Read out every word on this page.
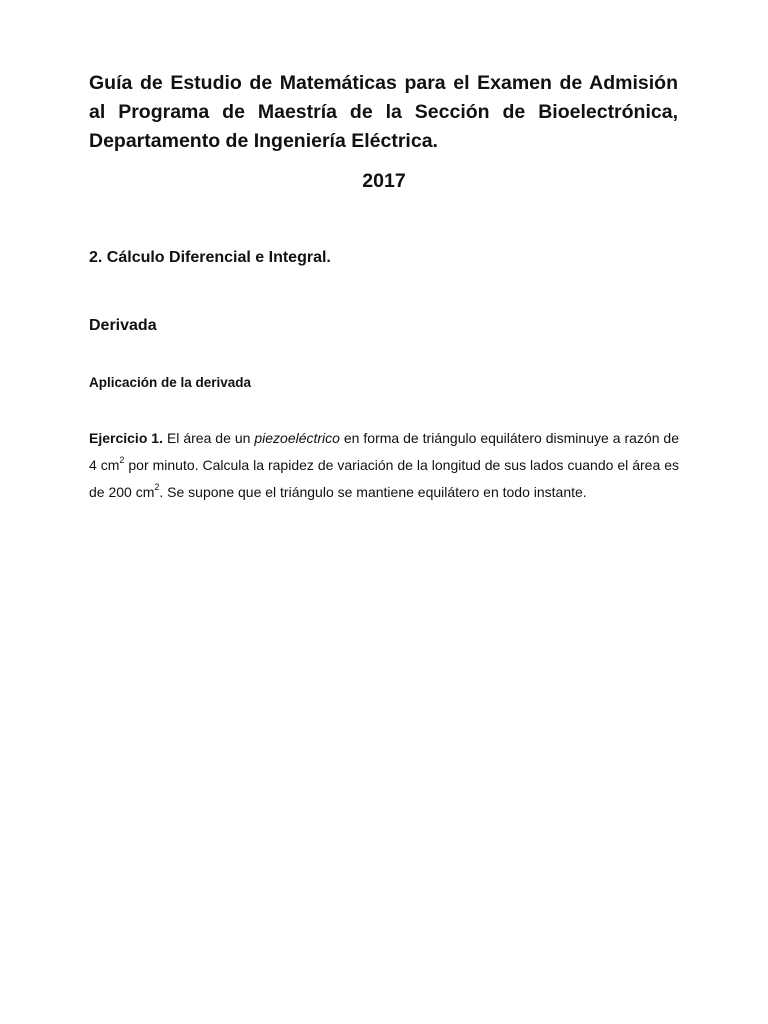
Guía de Estudio de Matemáticas para el Examen de Admisión al Programa de Maestría de la Sección de Bioelectrónica, Departamento de Ingeniería Eléctrica.

2017

2. Cálculo Diferencial e Integral.

Derivada

Aplicación de la derivada

Ejercicio 1. El área de un piezoeléctrico en forma de triángulo equilátero disminuye a razón de 4 $cm^2$ por minuto. Calcula la rapidez de variación de la longitud de sus lados cuando el área es de 200 $cm^2$. Se supone que el triángulo se mantiene equilátero en todo instante.
